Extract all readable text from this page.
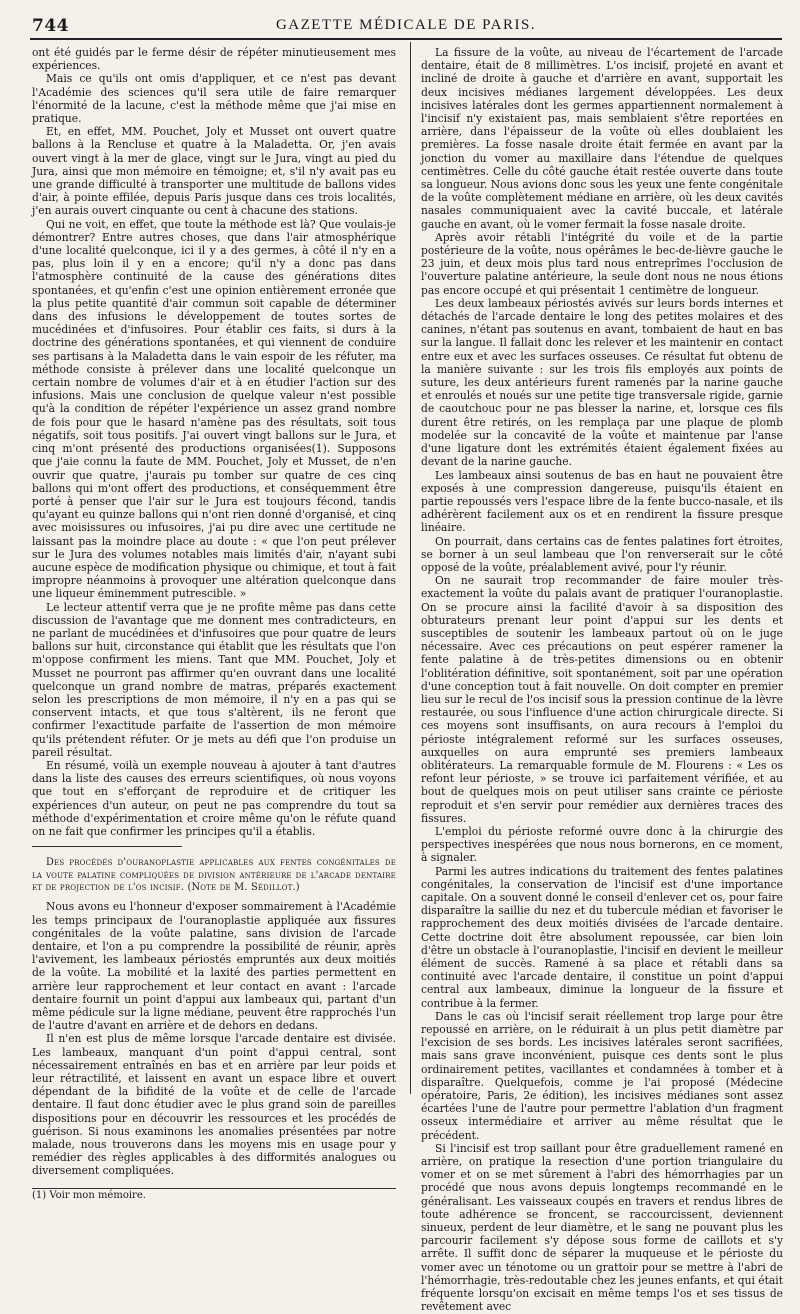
744	GAZETTE MÉDICALE DE PARIS.

ont été guidés par le ferme désir de répéter minutieusement mes expériences.

Mais ce qu'ils ont omis d'appliquer, et ce n'est pas devant l'Académie des sciences qu'il sera utile de faire remarquer l'énormité de la lacune, c'est la méthode même que j'ai mise en pratique.

Et, en effet, MM. Pouchet, Joly et Musset ont ouvert quatre ballons à la Rencluse et quatre à la Maladetta. Or, j'en avais ouvert vingt à la mer de glace, vingt sur le Jura, vingt au pied du Jura, ainsi que mon mémoire en témoigne; et, s'il n'y avait pas eu une grande difficulté à transporter une multitude de ballons vides d'air, à pointe effilée, depuis Paris jusque dans ces trois localités, j'en aurais ouvert cinquante ou cent à chacune des stations.

Qui ne voit, en effet, que toute la méthode est là? Que voulais-je démontrer? Entre autres choses, que dans l'air atmosphérique d'une localité quelconque, ici il y a des germes, à côté il n'y en a pas, plus loin il y en a encore; qu'il n'y a donc pas dans l'atmosphère continuité de la cause des générations dites spontanées, et qu'enfin c'est une opinion entièrement erronée que la plus petite quantité d'air commun soit capable de déterminer dans des infusions le développement de toutes sortes de mucédinées et d'infusoires. Pour établir ces faits, si durs à la doctrine des générations spontanées, et qui viennent de conduire ses partisans à la Maladetta dans le vain espoir de les réfuter, ma méthode consiste à prélever dans une localité quelconque un certain nombre de volumes d'air et à en étudier l'action sur des infusions. Mais une conclusion de quelque valeur n'est possible qu'à la condition de répéter l'expérience un assez grand nombre de fois pour que le hasard n'amène pas des résultats, soit tous négatifs, soit tous positifs. J'ai ouvert vingt ballons sur le Jura, et cinq m'ont présenté des productions organisées(1). Supposons que j'aie connu la faute de MM. Pouchet, Joly et Musset, de n'en ouvrir que quatre, j'aurais pu tomber sur quatre de ces cinq ballons qui m'ont offert des productions, et conséquemment être porté à penser que l'air sur le Jura est toujours fécond, tandis qu'ayant eu quinze ballons qui n'ont rien donné d'organisé, et cinq avec moisissures ou infusoires, j'ai pu dire avec une certitude ne laissant pas la moindre place au doute : « que l'on peut prélever sur le Jura des volumes notables mais limités d'air, n'ayant subi aucune espèce de modification physique ou chimique, et tout à fait impropre néanmoins à provoquer une altération quelconque dans une liqueur éminemment putrescible. »

Le lecteur attentif verra que je ne profite même pas dans cette discussion de l'avantage que me donnent mes contradicteurs, en ne parlant de mucédinées et d'infusoires que pour quatre de leurs ballons sur huit, circonstance qui établit que les résultats que l'on m'oppose confirment les miens. Tant que MM. Pouchet, Joly et Musset ne pourront pas affirmer qu'en ouvrant dans une localité quelconque un grand nombre de matras, préparés exactement selon les prescriptions de mon mémoire, il n'y en a pas qui se conservent intacts, et que tous s'altèrent, ils ne feront que confirmer l'exactitude parfaite de l'assertion de mon mémoire qu'ils prétendent réfuter. Or je mets au défi que l'on produise un pareil résultat.

En résumé, voilà un exemple nouveau à ajouter à tant d'autres dans la liste des causes des erreurs scientifiques, où nous voyons que tout en s'efforçant de reproduire et de critiquer les expériences d'un auteur, on peut ne pas comprendre du tout sa méthode d'expérimentation et croire même qu'on le réfute quand on ne fait que confirmer les principes qu'il a établis.

Des procédés d'ouranoplastie applicables aux fentes congénitales de la voute palatine compliquées de division antérieure de l'arcade dentaire et de projection de l'os incisif. (Note de M. Sédillot.)

Nous avons eu l'honneur d'exposer sommairement à l'Académie les temps principaux de l'ouranoplastie appliquée aux fissures congénitales de la voûte palatine, sans division de l'arcade dentaire, et l'on a pu comprendre la possibilité de réunir, après l'avivement, les lambeaux périostés empruntés aux deux moitiés de la voûte. La mobilité et la laxité des parties permettent en arrière leur rapprochement et leur contact en avant : l'arcade dentaire fournit un point d'appui aux lambeaux qui, partant d'un même pédicule sur la ligne médiane, peuvent être rapprochés l'un de l'autre d'avant en arrière et de dehors en dedans.

Il n'en est plus de même lorsque l'arcade dentaire est divisée. Les lambeaux, manquant d'un point d'appui central, sont nécessairement entraînés en bas et en arrière par leur poids et leur rétractilité, et laissent en avant un espace libre et ouvert dépendant de la bifidité de la voûte et de celle de l'arcade dentaire. Il faut donc étudier avec le plus grand soin de pareilles dispositions pour en découvrir les ressources et les procédés de guérison. Si nous examinons les anomalies présentées par notre malade, nous trouverons dans les moyens mis en usage pour y remédier des règles applicables à des difformités analogues ou diversement compliquées.

(1) Voir mon mémoire.

La fissure de la voûte, au niveau de l'écartement de l'arcade dentaire, était de 8 millimètres. L'os incisif, projeté en avant et incliné de droite à gauche et d'arrière en avant, supportait les deux incisives médianes largement développées. Les deux incisives latérales dont les germes appartiennent normalement à l'incisif n'y existaient pas, mais semblaient s'être reportées en arrière, dans l'épaisseur de la voûte où elles doublaient les premières. La fosse nasale droite était fermée en avant par la jonction du vomer au maxillaire dans l'étendue de quelques centimètres. Celle du côté gauche était restée ouverte dans toute sa longueur. Nous avions donc sous les yeux une fente congénitale de la voûte complètement médiane en arrière, où les deux cavités nasales communiquaient avec la cavité buccale, et latérale gauche en avant, où le vomer fermait la fosse nasale droite.

Après avoir rétabli l'intégrité du voile et de la partie postérieure de la voûte, nous opérâmes le bec-de-lièvre gauche le 23 juin, et deux mois plus tard nous entreprîmes l'occlusion de l'ouverture palatine antérieure, la seule dont nous ne nous étions pas encore occupé et qui présentait 1 centimètre de longueur.

Les deux lambeaux périostés avivés sur leurs bords internes et détachés de l'arcade dentaire le long des petites molaires et des canines, n'étant pas soutenus en avant, tombaient de haut en bas sur la langue. Il fallait donc les relever et les maintenir en contact entre eux et avec les surfaces osseuses. Ce résultat fut obtenu de la manière suivante : sur les trois fils employés aux points de suture, les deux antérieurs furent ramenés par la narine gauche et enroulés et noués sur une petite tige transversale rigide, garnie de caoutchouc pour ne pas blesser la narine, et, lorsque ces fils durent être retirés, on les remplaça par une plaque de plomb modelée sur la concavité de la voûte et maintenue par l'anse d'une ligature dont les extrémités étaient également fixées au devant de la narine gauche.

Les lambeaux ainsi soutenus de bas en haut ne pouvaient être exposés à une compression dangereuse, puisqu'ils étaient en partie repoussés vers l'espace libre de la fente bucco-nasale, et ils adhérèrent facilement aux os et en rendirent la fissure presque linéaire.

On pourrait, dans certains cas de fentes palatines fort étroites, se borner à un seul lambeau que l'on renverserait sur le côté opposé de la voûte, préalablement avivé, pour l'y réunir.

On ne saurait trop recommander de faire mouler très-exactement la voûte du palais avant de pratiquer l'ouranoplastie. On se procure ainsi la facilité d'avoir à sa disposition des obturateurs prenant leur point d'appui sur les dents et susceptibles de soutenir les lambeaux partout où on le juge nécessaire. Avec ces précautions on peut espérer ramener la fente palatine à de très-petites dimensions ou en obtenir l'oblitération définitive, soit spontanément, soit par une opération d'une conception tout à fait nouvelle. On doit compter en premier lieu sur le recul de l'os incisif sous la pression continue de la lèvre restaurée, ou sous l'influence d'une action chirurgicale directe. Si ces moyens sont insuffisants, on aura recours à l'emploi du périoste intégralement reformé sur les surfaces osseuses, auxquelles on aura emprunté ses premiers lambeaux oblitérateurs. La remarquable formule de M. Flourens : « Les os refont leur périoste, » se trouve ici parfaitement vérifiée, et au bout de quelques mois on peut utiliser sans crainte ce périoste reproduit et s'en servir pour remédier aux dernières traces des fissures.

L'emploi du périoste reformé ouvre donc à la chirurgie des perspectives inespérées que nous nous bornerons, en ce moment, à signaler.

Parmi les autres indications du traitement des fentes palatines congénitales, la conservation de l'incisif est d'une importance capitale. On a souvent donné le conseil d'enlever cet os, pour faire disparaître la saillie du nez et du tubercule médian et favoriser le rapprochement des deux moitiés divisées de l'arcade dentaire. Cette doctrine doit être absolument repoussée, car bien loin d'être un obstacle à l'ouranoplastie, l'incisif en devient le meilleur élément de succès. Ramené à sa place et rétabli dans sa continuité avec l'arcade dentaire, il constitue un point d'appui central aux lambeaux, diminue la longueur de la fissure et contribue à la fermer.

Dans le cas où l'incisif serait réellement trop large pour être repoussé en arrière, on le réduirait à un plus petit diamètre par l'excision de ses bords. Les incisives latérales seront sacrifiées, mais sans grave inconvénient, puisque ces dents sont le plus ordinairement petites, vacillantes et condamnées à tomber et à disparaître. Quelquefois, comme je l'ai proposé (Médecine opératoire, Paris, 2e édition), les incisives médianes sont assez écartées l'une de l'autre pour permettre l'ablation d'un fragment osseux intermédiaire et arriver au même résultat que le précédent.

Si l'incisif est trop saillant pour être graduellement ramené en arrière, on pratique la resection d'une portion triangulaire du vomer et on se met sûrement à l'abri des hémorrhagies par un procédé que nous avons depuis longtemps recommandé en le généralisant. Les vaisseaux coupés en travers et rendus libres de toute adhérence se froncent, se raccourcissent, deviennent sinueux, perdent de leur diamètre, et le sang ne pouvant plus les parcourir facilement s'y dépose sous forme de caillots et s'y arrête. Il suffit donc de séparer la muqueuse et le périoste du vomer avec un ténotome ou un grattoir pour se mettre à l'abri de l'hémorrhagie, très-redoutable chez les jeunes enfants, et qui était fréquente lorsqu'on excisait en même temps l'os et ses tissus de revêtement avec
